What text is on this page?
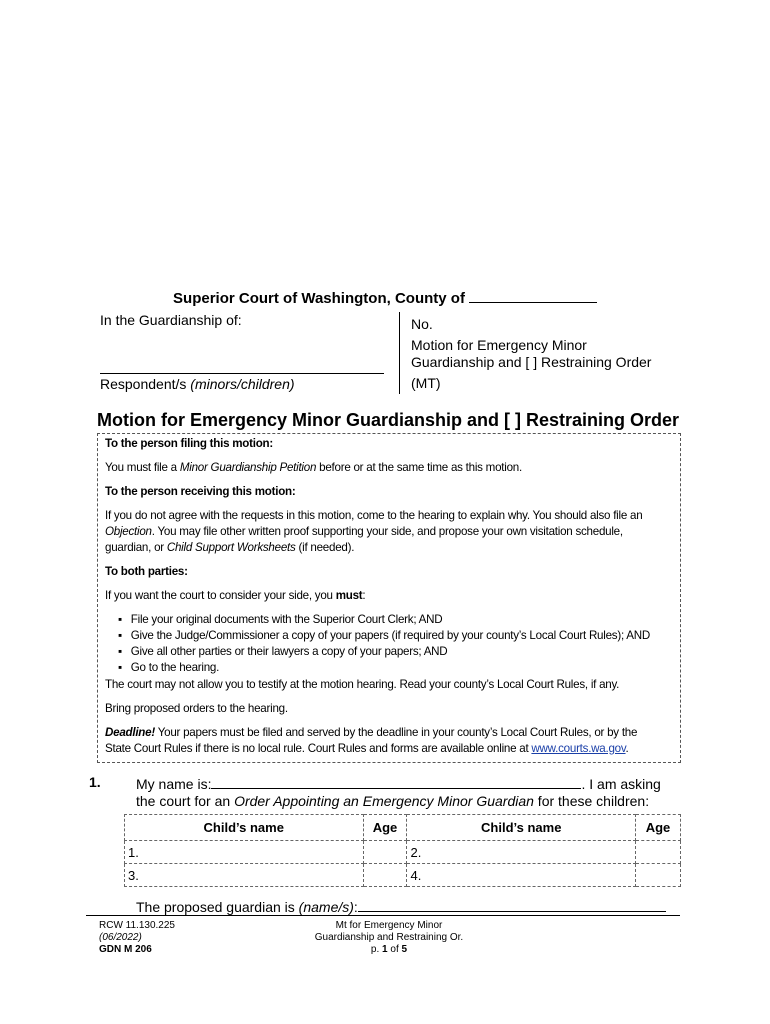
Superior Court of Washington, County of
In the Guardianship of:
Respondent/s (minors/children)
No.
Motion for Emergency Minor
Guardianship and [ ] Restraining Order
(MT)
Motion for Emergency Minor Guardianship and [ ] Restraining Order
To the person filing this motion:
You must file a Minor Guardianship Petition before or at the same time as this motion.
To the person receiving this motion:
If you do not agree with the requests in this motion, come to the hearing to explain why. You should also file an
Objection. You may file other written proof supporting your side, and propose your own visitation schedule,
guardian, or Child Support Worksheets (if needed).
To both parties:
If you want the court to consider your side, you must:
▪   File your original documents with the Superior Court Clerk; AND
▪   Give the Judge/Commissioner a copy of your papers (if required by your county’s Local Court Rules); AND
▪   Give all other parties or their lawyers a copy of your papers; AND
▪   Go to the hearing.
The court may not allow you to testify at the motion hearing. Read your county’s Local Court Rules, if any.
Bring proposed orders to the hearing.
Deadline! Your papers must be filed and served by the deadline in your county’s Local Court Rules, or by the
State Court Rules if there is no local rule. Court Rules and forms are available online at www.courts.wa.gov.
1.	My name is:	. I am asking
the court for an Order Appointing an Emergency Minor Guardian for these children:
Child’s name	Age	Child’s name	Age
1.		2.	
3.		4.	
The proposed guardian is (name/s):
RCW 11.130.225
(06/2022)
GDN M 206
Mt for Emergency Minor
Guardianship and Restraining Or.
p. 1 of 5
